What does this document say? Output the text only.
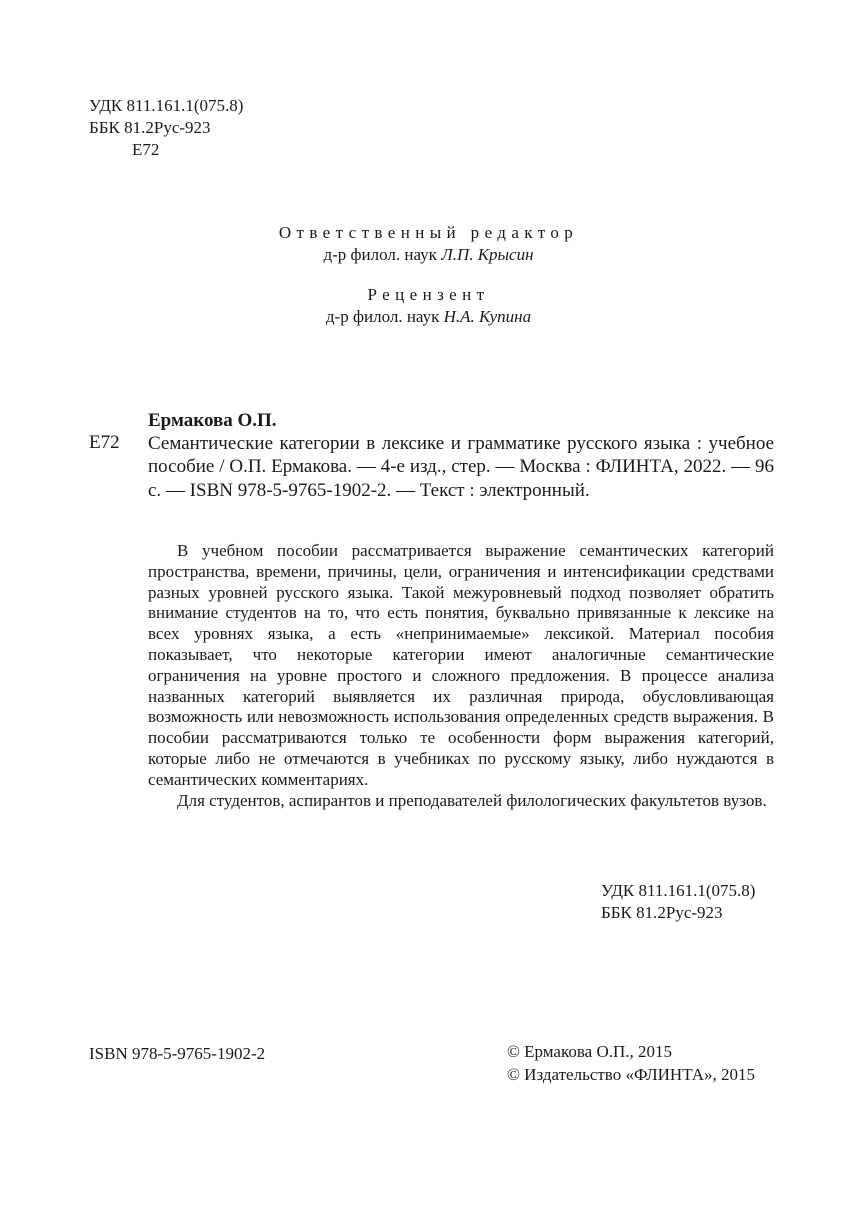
УДК 811.161.1(075.8)
ББК 81.2Рус-923
Е72
Ответственный редактор
д-р филол. наук Л.П. Крысин
Рецензент
д-р филол. наук Н.А. Купина
Ермакова О.П.
Е72 Семантические категории в лексике и грамматике русского языка : учебное пособие / О.П. Ермакова. — 4-е изд., стер. — Москва : ФЛИНТА, 2022. — 96 с. — ISBN 978-5-9765-1902-2. — Текст : электронный.

В учебном пособии рассматривается выражение семантических категорий пространства, времени, причины, цели, ограничения и интенсификации средствами разных уровней русского языка. Такой межуровневый подход позволяет обратить внимание студентов на то, что есть понятия, буквально привязанные к лексике на всех уровнях языка, а есть «непринимаемые» лексикой. Материал пособия показывает, что некоторые категории имеют аналогичные семантические ограничения на уровне простого и сложного предложения. В процессе анализа названных категорий выявляется их различная природа, обусловливающая возможность или невозможность использования определенных средств выражения. В пособии рассматриваются только те особенности форм выражения категорий, которые либо не отмечаются в учебниках по русскому языку, либо нуждаются в семантических комментариях.

Для студентов, аспирантов и преподавателей филологических факультетов вузов.

УДК 811.161.1(075.8)
ББК 81.2Рус-923
ISBN 978-5-9765-1902-2	© Ермакова О.П., 2015
© Издательство «ФЛИНТА», 2015
